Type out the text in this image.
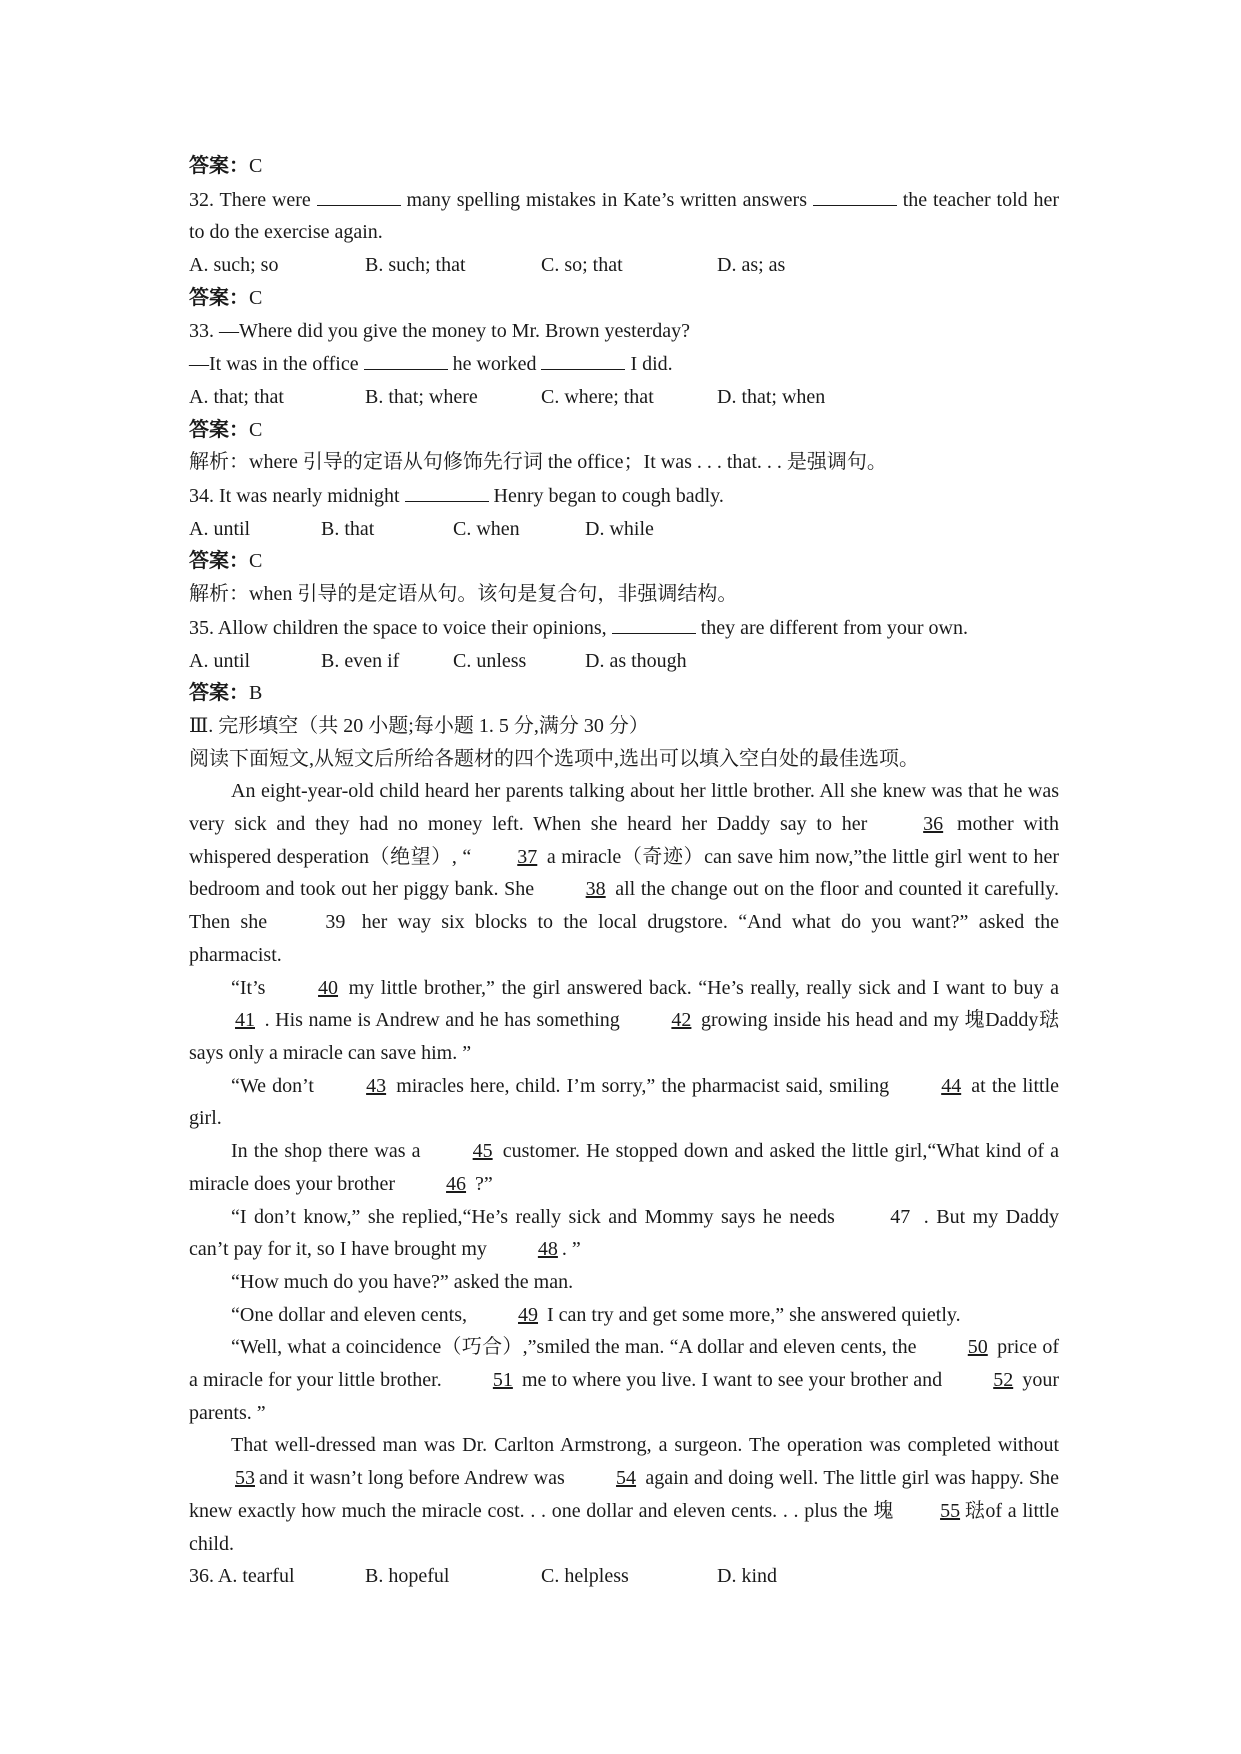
答案：C
32. There were	many spelling mistakes in Kate’s written answers	the teacher told her to do the exercise again.
A. such; so	B. such; that	C. so; that	D. as; as
答案：C
33. —Where did you give the money to Mr. Brown yesterday?
—It was in the office	he worked	I did.
A. that; that	B. that; where	C. where; that	D. that; when
答案：C
解析：where 引导的定语从句修饰先行词 the office；It was . . . that. . . 是强调句。
34. It was nearly midnight	Henry began to cough badly.
A. until	B. that	C. when	D. while
答案：C
解析：when 引导的是定语从句。该句是复合句，非强调结构。
35. Allow children the space to voice their opinions,	they are different from your own.
A. until	B. even if	C. unless	D. as though
答案：B
Ⅲ. 完形填空（共 20 小题;每小题 1. 5 分,满分 30 分）
阅读下面短文,从短文后所给各题材的四个选项中,选出可以填入空白处的最佳选项。
An eight-year-old child heard her parents talking about her little brother. All she knew was that he was very sick and they had no money left. When she heard her Daddy say to her 36 mother with whispered desperation（绝望）, “ 37 a miracle（奇迹）can save him now,”the little girl went to her bedroom and took out her piggy bank. She 38 all the change out on the floor and counted it carefully. Then she 39 her way six blocks to the local drugstore. “And what do you want?” asked the pharmacist.
“It’s 40 my little brother,” the girl answered back. “He’s really, really sick and I want to buy a 41 . His name is Andrew and he has something 42 growing inside his head and my 塊Daddy琺says only a miracle can save him. ”
“We don’t 43 miracles here, child. I’m sorry,” the pharmacist said, smiling 44 at the little girl.
In the shop there was a 45 customer. He stopped down and asked the little girl,“What kind of a miracle does your brother 46 ?”
“I don’t know,” she replied,“He’s really sick and Mommy says he needs 47 . But my Daddy can’t pay for it, so I have brought my 48 . ”
“How much do you have?” asked the man.
“One dollar and eleven cents, 49 I can try and get some more,” she answered quietly.
“Well, what a coincidence（巧合）,”smiled the man. “A dollar and eleven cents, the 50 price of a miracle for your little brother. 51 me to where you live. I want to see your brother and 52 your parents. ”
That well-dressed man was Dr. Carlton Armstrong, a surgeon. The operation was completed without 53 and it wasn’t long before Andrew was 54 again and doing well. The little girl was happy. She knew exactly how much the miracle cost. . . one dollar and eleven cents. . . plus the 塊 55 琺of a little child.
36. A. tearful	B. hopeful	C. helpless	D. kind
